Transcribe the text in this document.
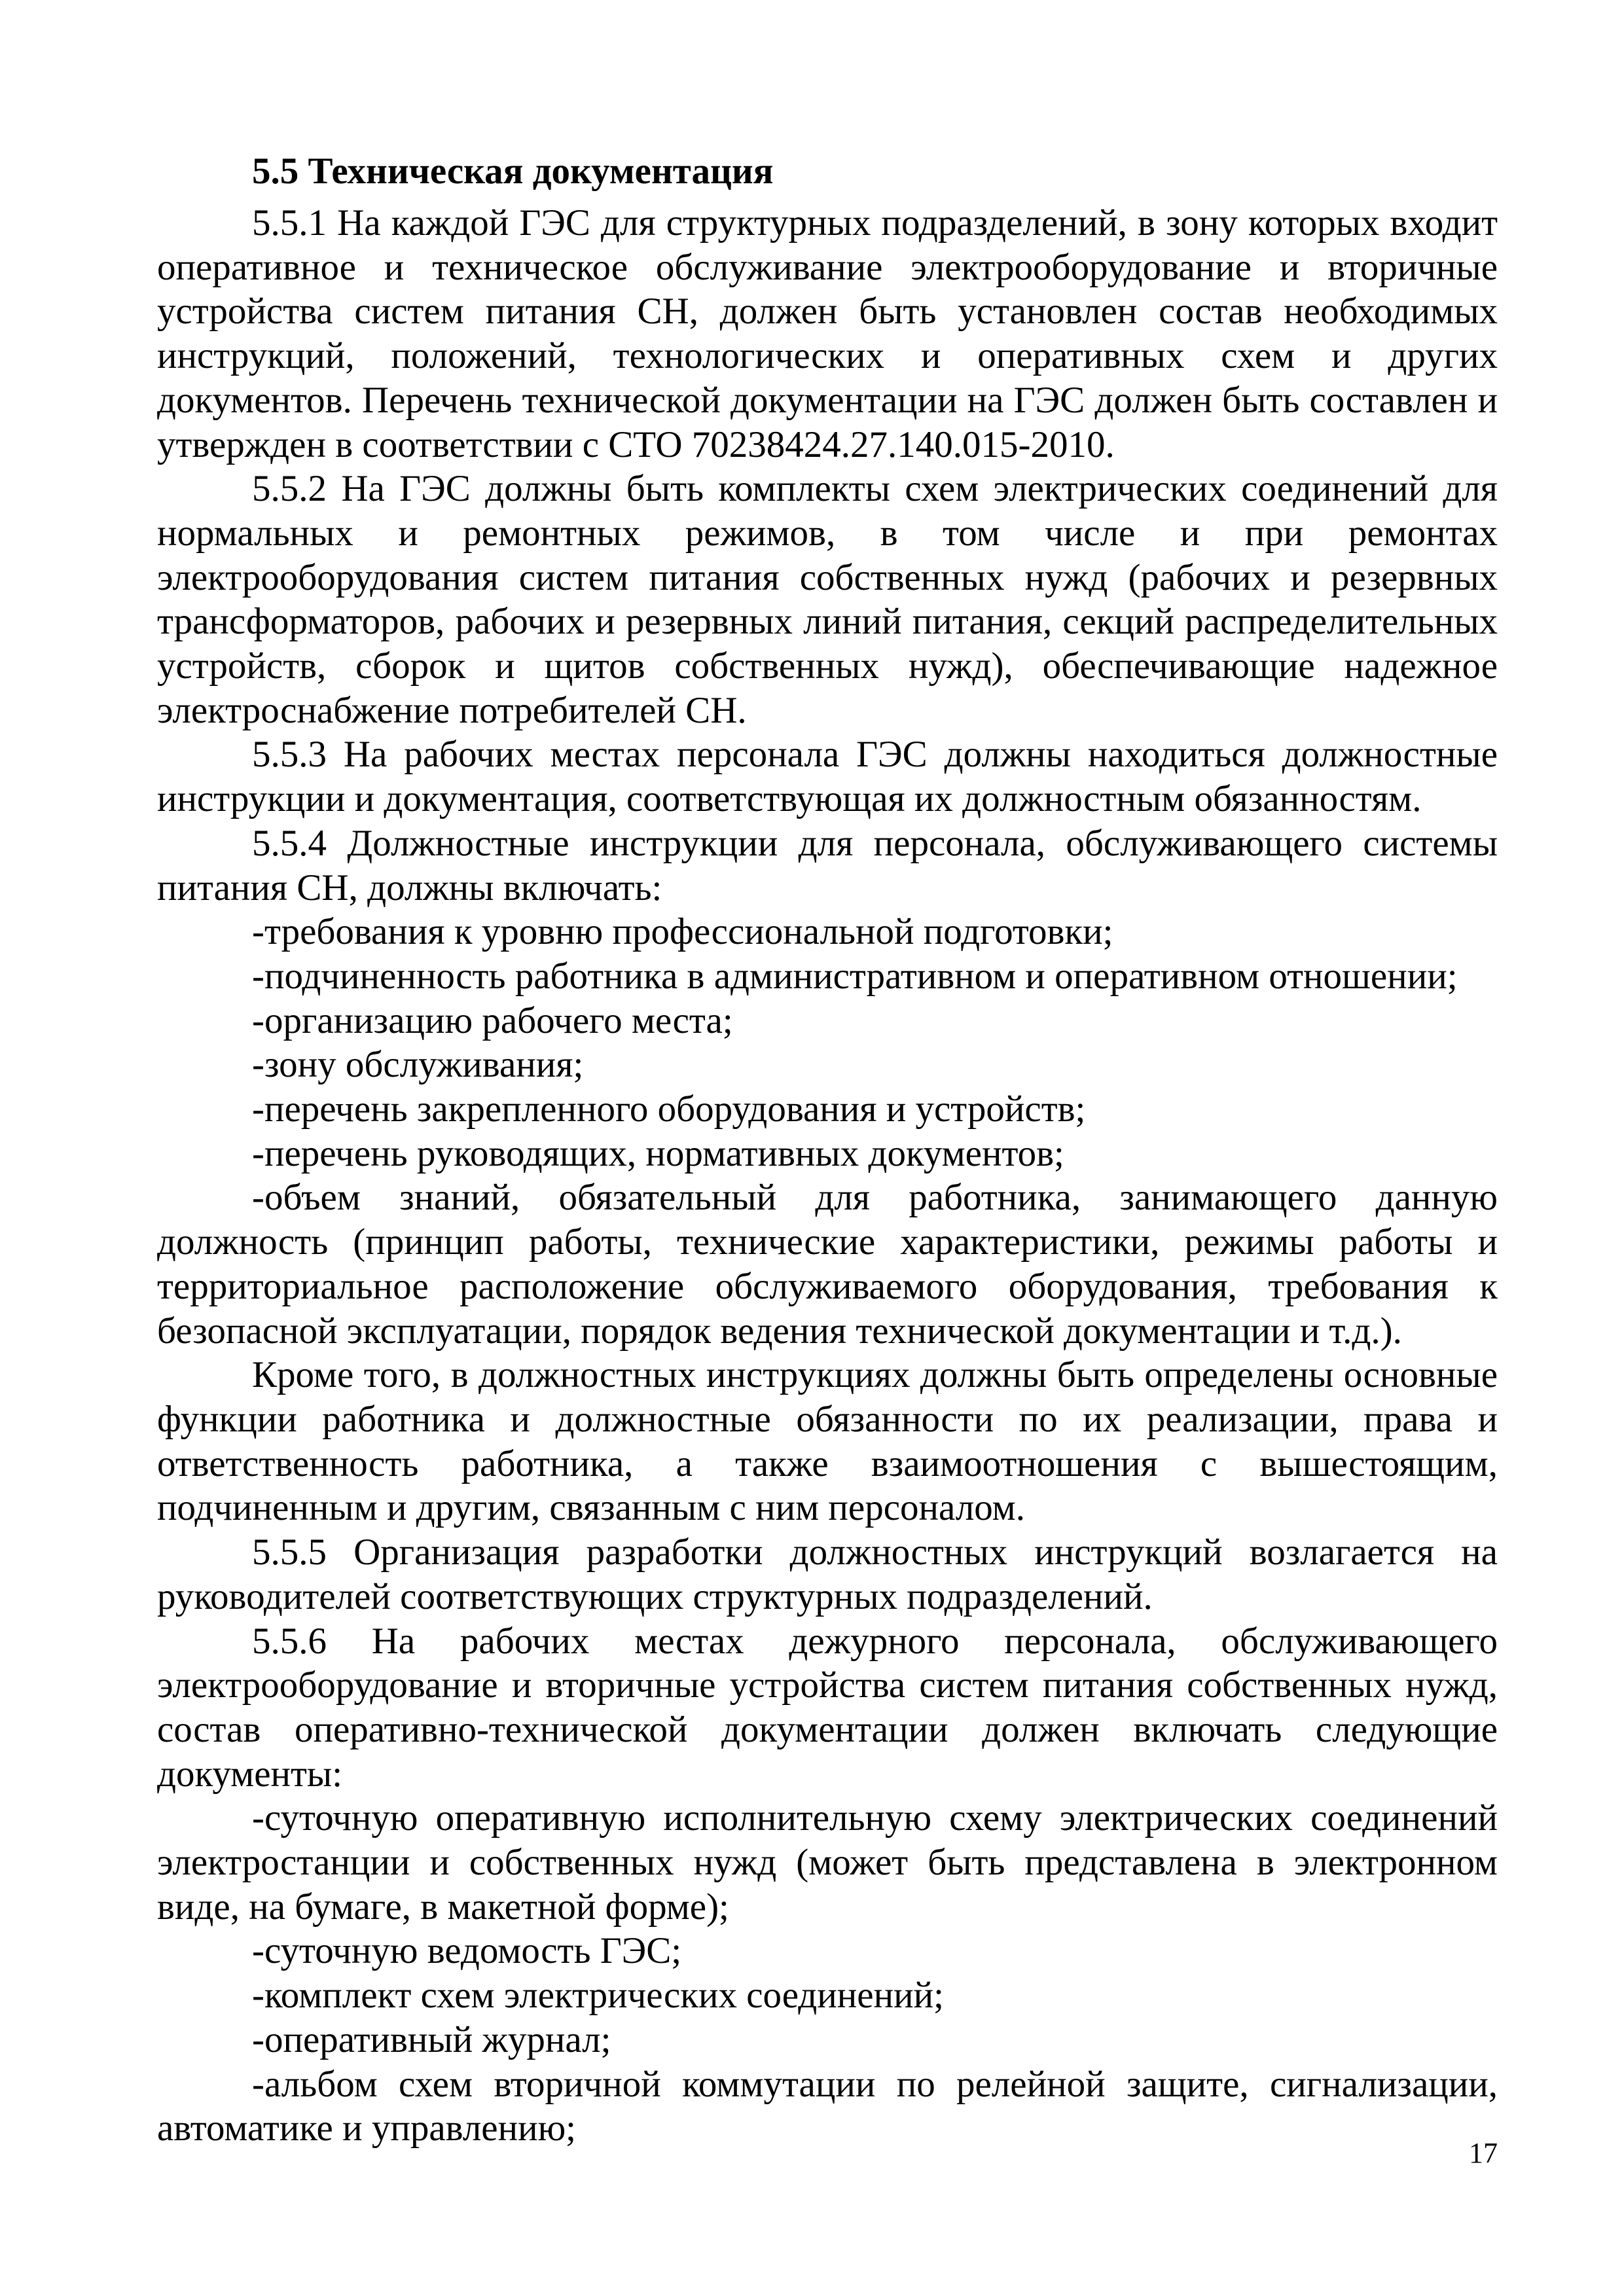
5.5 Техническая документация

5.5.1 На каждой ГЭС для структурных подразделений, в зону которых входит оперативное и техническое обслуживание электрооборудование и вторичные устройства систем питания СН, должен быть установлен состав необходимых инструкций, положений, технологических и оперативных схем и других документов. Перечень технической документации на ГЭС должен быть составлен и утвержден в соответствии с СТО 70238424.27.140.015-2010.

5.5.2 На ГЭС должны быть комплекты схем электрических соединений для нормальных и ремонтных режимов, в том числе и при ремонтах электрооборудования систем питания собственных нужд (рабочих и резервных трансформаторов, рабочих и резервных линий питания, секций распределительных устройств, сборок и щитов собственных нужд), обеспечивающие надежное электроснабжение потребителей СН.

5.5.3 На рабочих местах персонала ГЭС должны находиться должностные инструкции и документация, соответствующая их должностным обязанностям.

5.5.4 Должностные инструкции для персонала, обслуживающего системы питания СН, должны включать:

-требования к уровню профессиональной подготовки;

-подчиненность работника в административном и оперативном отношении;

-организацию рабочего места;

-зону обслуживания;

-перечень закрепленного оборудования и устройств;

-перечень руководящих, нормативных документов;

-объем знаний, обязательный для работника, занимающего данную должность (принцип работы, технические характеристики, режимы работы и территориальное расположение обслуживаемого оборудования, требования к безопасной эксплуатации, порядок ведения технической документации и т.д.).

Кроме того, в должностных инструкциях должны быть определены основные функции работника и должностные обязанности по их реализации, права и ответственность работника, а также взаимоотношения с вышестоящим, подчиненным и другим, связанным с ним персоналом.

5.5.5 Организация разработки должностных инструкций возлагается на руководителей соответствующих структурных подразделений.

5.5.6 На рабочих местах дежурного персонала, обслуживающего электрооборудование и вторичные устройства систем питания собственных нужд, состав оперативно-технической документации должен включать следующие документы:

-суточную оперативную исполнительную схему электрических соединений электростанции и собственных нужд (может быть представлена в электронном виде, на бумаге, в макетной форме);

-суточную ведомость ГЭС;

-комплект схем электрических соединений;

-оперативный журнал;

-альбом схем вторичной коммутации по релейной защите, сигнализации, автоматике и управлению;

17
